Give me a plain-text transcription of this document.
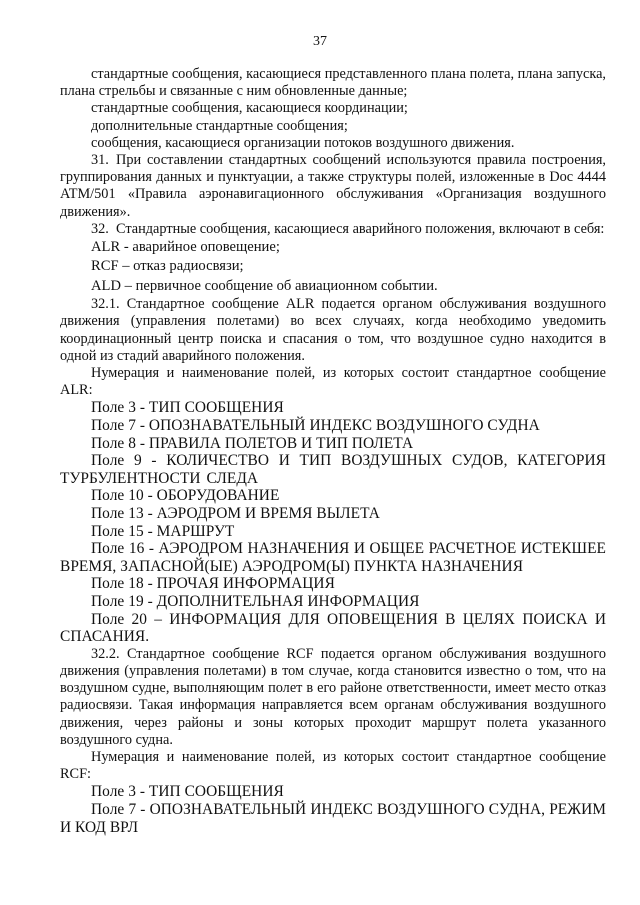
37

стандартные сообщения, касающиеся представленного плана полета, плана запуска, плана стрельбы и связанные с ним обновленные данные;

стандартные сообщения, касающиеся координации;

дополнительные стандартные сообщения;

сообщения, касающиеся организации потоков воздушного движения.

31. При составлении стандартных сообщений используются правила построения, группирования данных и пунктуации, а также структуры полей, изложенные в Doc 4444 ATM/501 «Правила аэронавигационного обслуживания «Организация воздушного движения».

32. Стандартные сообщения, касающиеся аварийного положения, включают в себя:

ALR - аварийное оповещение;

RCF – отказ радиосвязи;

ALD – первичное сообщение об авиационном событии.

32.1. Стандартное сообщение ALR подается органом обслуживания воздушного движения (управления полетами) во всех случаях, когда необходимо уведомить координационный центр поиска и спасания о том, что воздушное судно находится в одной из стадий аварийного положения.

Нумерация и наименование полей, из которых состоит стандартное сообщение ALR:

Поле 3 - ТИП СООБЩЕНИЯ

Поле 7 - ОПОЗНАВАТЕЛЬНЫЙ ИНДЕКС ВОЗДУШНОГО СУДНА

Поле 8 - ПРАВИЛА ПОЛЕТОВ И ТИП ПОЛЕТА

Поле 9 - КОЛИЧЕСТВО И ТИП ВОЗДУШНЫХ СУДОВ, КАТЕГОРИЯ ТУРБУЛЕНТНОСТИ СЛЕДА

Поле 10 - ОБОРУДОВАНИЕ

Поле 13 - АЭРОДРОМ И ВРЕМЯ ВЫЛЕТА

Поле 15 - МАРШРУТ

Поле 16 - АЭРОДРОМ НАЗНАЧЕНИЯ И ОБЩЕЕ РАСЧЕТНОЕ ИСТЕКШЕЕ ВРЕМЯ, ЗАПАСНОЙ(ЫЕ) АЭРОДРОМ(Ы) ПУНКТА НАЗНАЧЕНИЯ

Поле 18 - ПРОЧАЯ ИНФОРМАЦИЯ

Поле 19 - ДОПОЛНИТЕЛЬНАЯ ИНФОРМАЦИЯ

Поле 20 – ИНФОРМАЦИЯ ДЛЯ ОПОВЕЩЕНИЯ В ЦЕЛЯХ ПОИСКА И СПАСАНИЯ.

32.2. Стандартное сообщение RCF подается органом обслуживания воздушного движения (управления полетами) в том случае, когда становится известно о том, что на воздушном судне, выполняющим полет в его районе ответственности, имеет место отказ радиосвязи. Такая информация направляется всем органам обслуживания воздушного движения, через районы и зоны которых проходит маршрут полета указанного воздушного судна.

Нумерация и наименование полей, из которых состоит стандартное сообщение RCF:

Поле 3 - ТИП СООБЩЕНИЯ

Поле 7 - ОПОЗНАВАТЕЛЬНЫЙ ИНДЕКС ВОЗДУШНОГО СУДНА, РЕЖИМ И КОД ВРЛ
